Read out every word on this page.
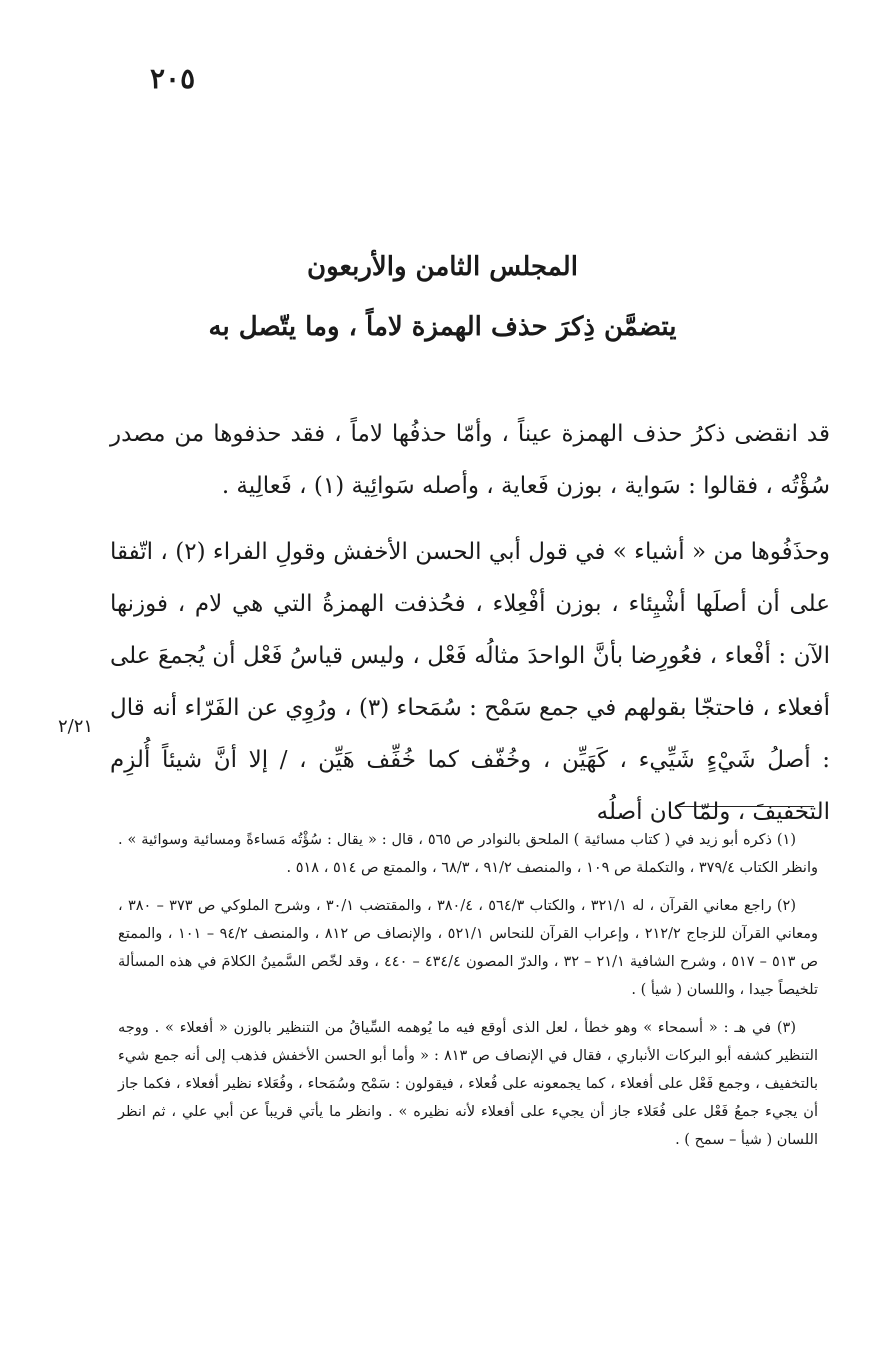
٢٠٥
المجلس الثامن والأربعون
يتضمَّن ذِكرَ حذف الهمزة لاماً ، وما يتّصل به

قد انقضى ذكرُ حذف الهمزة عيناً ، وأمّا حذفُها لاماً ، فقد حذفوها من مصدر سُؤْتُه ، فقالوا : سَواية ، بوزن فَعاية ، وأصله سَوائِية (١) ، فَعالِية .

وحذَفُوها من « أشياء » في قول أبي الحسن الأخفش وقولِ الفراء (٢) ، اتّفقا على أن أصلَها أشْيِئاء ، بوزن أفْعِلاء ، فحُذفت الهمزةُ التي هي لام ، فوزنها الآن : أفْعاء ، فعُورِضا بأنَّ الواحدَ مثالُه فَعْل ، وليس قياسُ فَعْل أن يُجمعَ على أفعلاء ، فاحتجّا بقولهم في جمع سَمْح : سُمَحاء (٣) ، ورُوِي عن الفَرّاء أنه قال : أصلُ شَيْءٍ شَيِّيء ، كَهَيِّن ، وخُفّف كما خُفِّف هَيِّن ، / إلا أنَّ شيئاً أُلزِم التخفيفَ ، ولمّا كان أصلُه

٢/٢١

(١) ذكره أبو زيد في ( كتاب مسائية ) الملحق بالنوادر ص ٥٦٥ ، قال : « يقال : سُؤْتُه مَساءةً ومسائية وسوائية » . وانظر الكتاب ٣٧٩/٤ ، والتكملة ص ١٠٩ ، والمنصف ٩١/٢ ، ٦٨/٣ ، والممتع ص ٥١٤ ، ٥١٨ .

(٢) راجع معاني القرآن ، له ٣٢١/١ ، والكتاب ٥٦٤/٣ ، ٣٨٠/٤ ، والمقتضب ٣٠/١ ، وشرح الملوكي ص ٣٧٣ – ٣٨٠ ، ومعاني القرآن للزجاج ٢١٢/٢ ، وإعراب القرآن للنحاس ٥٢١/١ ، والإنصاف ص ٨١٢ ، والمنصف ٩٤/٢ – ١٠١ ، والممتع ص ٥١٣ – ٥١٧ ، وشرح الشافية ٢١/١ – ٣٢ ، والدرّ المصون ٤٣٤/٤ – ٤٤٠ ، وقد لخّص السَّمينُ الكلامَ في هذه المسألة تلخيصاً جيدا ، واللسان ( شيأ ) .

(٣) في هـ : « أسمحاء » وهو خطأ ، لعل الذى أوقع فيه ما يُوهمه السِّياقُ من التنظير بالوزن « أفعلاء » . ووجه التنظير كشفه أبو البركات الأنباري ، فقال في الإنصاف ص ٨١٣ : « وأما أبو الحسن الأخفش فذهب إلى أنه جمع شيء بالتخفيف ، وجمع فَعْل على أفعلاء ، كما يجمعونه على فُعلاء ، فيقولون : سَمْح وسُمَحاء ، وفُعَلاء نظير أفعلاء ، فكما جاز أن يجيء جمعُ فَعْل على فُعَلاء جاز أن يجيء على أفعلاء لأنه نظيره » . وانظر ما يأتي قريباً عن أبي علي ، ثم انظر اللسان ( شيأ – سمح ) .
